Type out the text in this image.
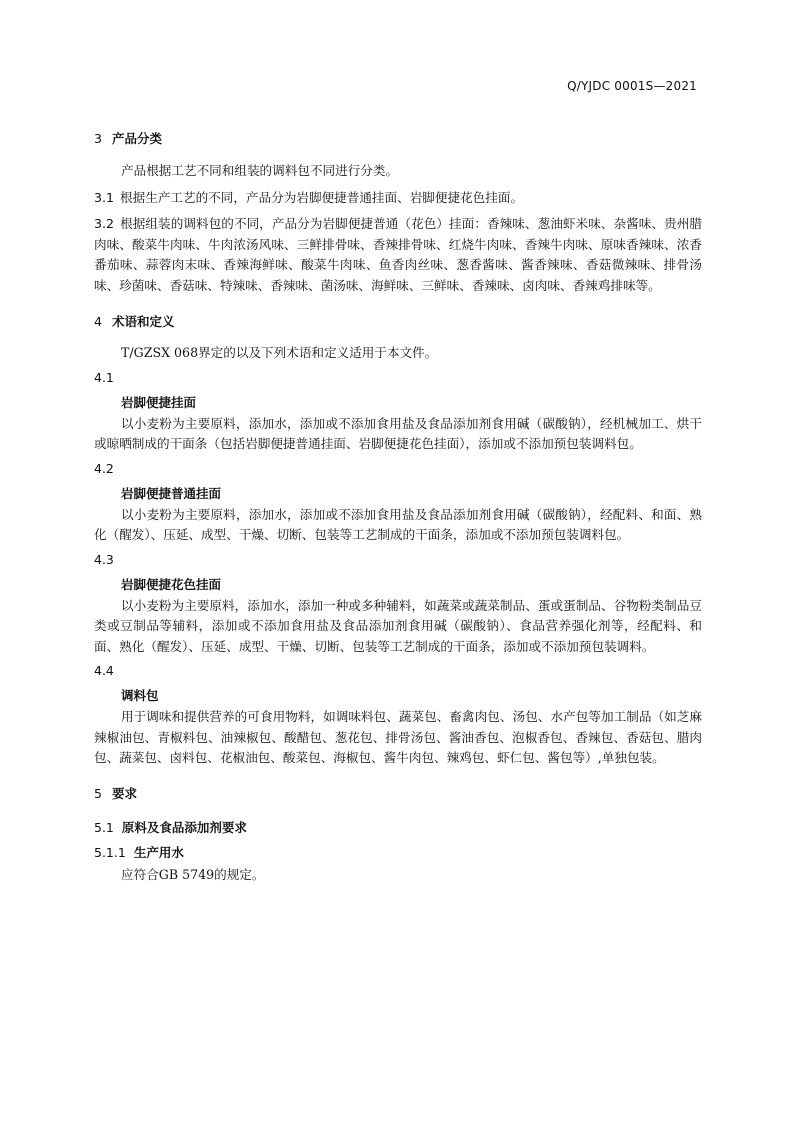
Q/YJDC 0001S—2021
3 产品分类

产品根据工艺不同和组装的调料包不同进行分类。

3.1 根据生产工艺的不同，产品分为岩脚便捷普通挂面、岩脚便捷花色挂面。

3.2 根据组装的调料包的不同，产品分为岩脚便捷普通（花色）挂面：香辣味、葱油虾米味、杂酱味、贵州腊肉味、酸菜牛肉味、牛肉浓汤风味、三鲜排骨味、香辣排骨味、红烧牛肉味、香辣牛肉味、原味香辣味、浓香番茄味、蒜蓉肉末味、香辣海鲜味、酸菜牛肉味、鱼香肉丝味、葱香酱味、酱香辣味、香菇微辣味、排骨汤味、珍菌味、香菇味、特辣味、香辣味、菌汤味、海鲜味、三鲜味、香辣味、卤肉味、香辣鸡排味等。

4 术语和定义

T/GZSX 068界定的以及下列术语和定义适用于本文件。

4.1

岩脚便捷挂面

以小麦粉为主要原料，添加水，添加或不添加食用盐及食品添加剂食用碱（碳酸钠），经机械加工、烘干或晾晒制成的干面条（包括岩脚便捷普通挂面、岩脚便捷花色挂面），添加或不添加预包装调料包。

4.2

岩脚便捷普通挂面

以小麦粉为主要原料，添加水，添加或不添加食用盐及食品添加剂食用碱（碳酸钠），经配料、和面、熟化（醒发）、压延、成型、干燥、切断、包装等工艺制成的干面条，添加或不添加预包装调料包。

4.3

岩脚便捷花色挂面

以小麦粉为主要原料，添加水，添加一种或多种辅料，如蔬菜或蔬菜制品、蛋或蛋制品、谷物粉类制品豆类或豆制品等辅料，添加或不添加食用盐及食品添加剂食用碱（碳酸钠）、食品营养强化剂等，经配料、和面、熟化（醒发）、压延、成型、干燥、切断、包装等工艺制成的干面条，添加或不添加预包装调料。

4.4

调料包

用于调味和提供营养的可食用物料，如调味料包、蔬菜包、畜禽肉包、汤包、水产包等加工制品（如芝麻辣椒油包、青椒料包、油辣椒包、酸醋包、葱花包、排骨汤包、酱油香包、泡椒香包、香辣包、香菇包、腊肉包、蔬菜包、卤料包、花椒油包、酸菜包、海椒包、酱牛肉包、辣鸡包、虾仁包、酱包等）,单独包装。

5 要求
5.1 原料及食品添加剂要求
5.1.1 生产用水

应符合GB 5749的规定。
